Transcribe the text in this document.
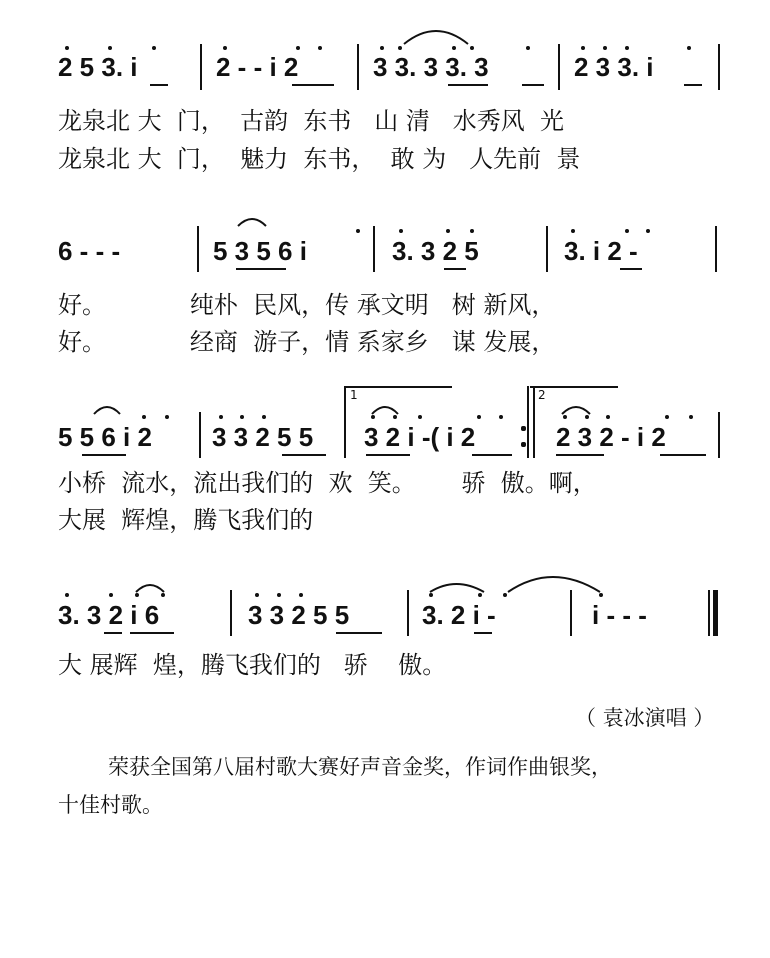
2 5 3. i	2 - - i 2	3 3. 3 3. 3	2 3 3. i
龙泉北 大  门，  古韵  东书   山 清   水秀风  光
龙泉北 大  门，  魅力  东书，  敢 为   人先前  景
6 - - -	5 3 5 6 i	3. 3 2 5	3. i 2 -
好。           纯朴  民风，传 承文明   树 新风，
好。           经商  游子，情 系家乡   谋 发展，
5 5 6 i 2 3 3 2 5 5 3 2 i -( i 2	2 3 2 - i 2
1	2
小桥  流水，流出我们的  欢  笑。      骄  傲。啊，
大展  辉煌，腾飞我们的
3. 3 2 i 6	3 3 2 5 5	3. 2 i -	i - - -
大 展辉  煌，腾飞我们的   骄    傲。
（ 袁冰演唱 ）
荣获全国第八届村歌大赛好声音金奖，作词作曲银奖，
十佳村歌。
